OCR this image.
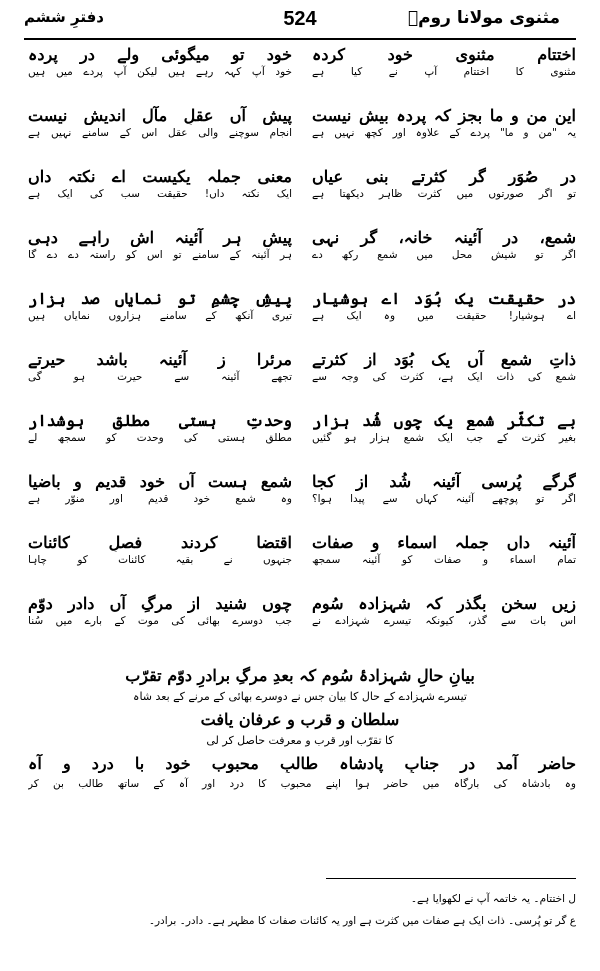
مثنوی مولانا رومؒ
524
دفترِ ششم
اختتامِ مثنوی خود کردہ
مثنوی کا اختتام آپ نے کیا ہے
این من و ما بجز کہ پردہ بیش نیست
یہ "من و ما" پردے کے علاوہ اور کچھ نہیں ہے
در صُوَر گر کثرتے بنی عیاں
تو اگر صورتوں میں کثرت ظاہر دیکھتا ہے
شمع، در آئینہ خانہ، گر نہی
اگر تو شیش محل میں شمع رکھ دے
در حقیقت یک بُوَد اے ہوشیار
اے ہوشیار! حقیقت میں وہ ایک ہے
ذاتِ شمع آں یک بُوَد از کثرتے
شمع کی ذات ایک ہے، کثرت کی وجہ سے
بے تکثّر شمع یک چوں شُد ہزار
بغیر کثرت کے جب ایک شمع ہزار ہو گئیں
گرگے پُرسی آئینہ شُد از کجا
اگر تو پوچھے آئینہ کہاں سے پیدا ہوا؟
آئینہ داں جملہ اسماء و صفات
تمام اسماء و صفات کو آئینہ سمجھ
زیں سخن بگذر کہ شہزادہ سُوم
اس بات سے گذر، کیونکہ تیسرے شہزادے نے
خود تو میگوئی ولے در پردہ
خود آپ کہہ رہے ہیں لیکن آپ پردے میں ہیں
پیشِ آں عقلِ مآل اندیش نیست
انجام سوچنے والی عقل اس کے سامنے نہیں ہے
معنی جملہ یکیست اے نکتہ داں
ایک نکتہ داں! حقیقت سب کی ایک ہے
پیشِ ہر آئینہ اش راہے دہی
ہر آئینہ کے سامنے تو اس کو راستہ دے دے گا
پیشِ چشمِ تو نمایاں صد ہزار
تیری آنکھ کے سامنے ہزاروں نمایاں ہیں
مرئرا ز آئینہ باشد حیرتے
تجھے آئینہ سے حیرت ہو گی
وحدتِ ہستی مطلق ہوشدار
مطلق ہستی کی وحدت کو سمجھ لے
شمع ہست آں خود قدیم و باضیا
وہ شمع خود قدیم اور منوّر ہے
اقتضا کردند فصلِ کائنات
جنہوں نے بقیہ کائنات کو چاہا
چوں شنید از مرگِ آں دادر دوّم
جب دوسرے بھائی کی موت کے بارے میں سُنا
بیانِ حالِ شہزادۂ سُوم کہ بعدِ مرگِ برادرِ دوّم تقرّب
تیسرے شہزادے کے حال کا بیان جس نے دوسرے بھائی کے مرنے کے بعد شاہ
سلطان و قرب و عرفان یافت
کا تقرّب اور قرب و معرفت حاصل کر لی
حاضر آمد در جنابِ پادشاہ طالبِ محبوب خود با درد و آہ
وہ بادشاہ کی بارگاہ میں حاضر ہوا اپنے محبوب کا درد اور آہ کے ساتھ طالب بن کر
ل اختتام۔ یہ خاتمہ آپ نے لکھوایا ہے۔
ع گر تو پُرسی۔ ذات ایک ہے صفات میں کثرت ہے اور یہ کائنات صفات کا مظہر ہے۔ دادر۔ برادر۔
